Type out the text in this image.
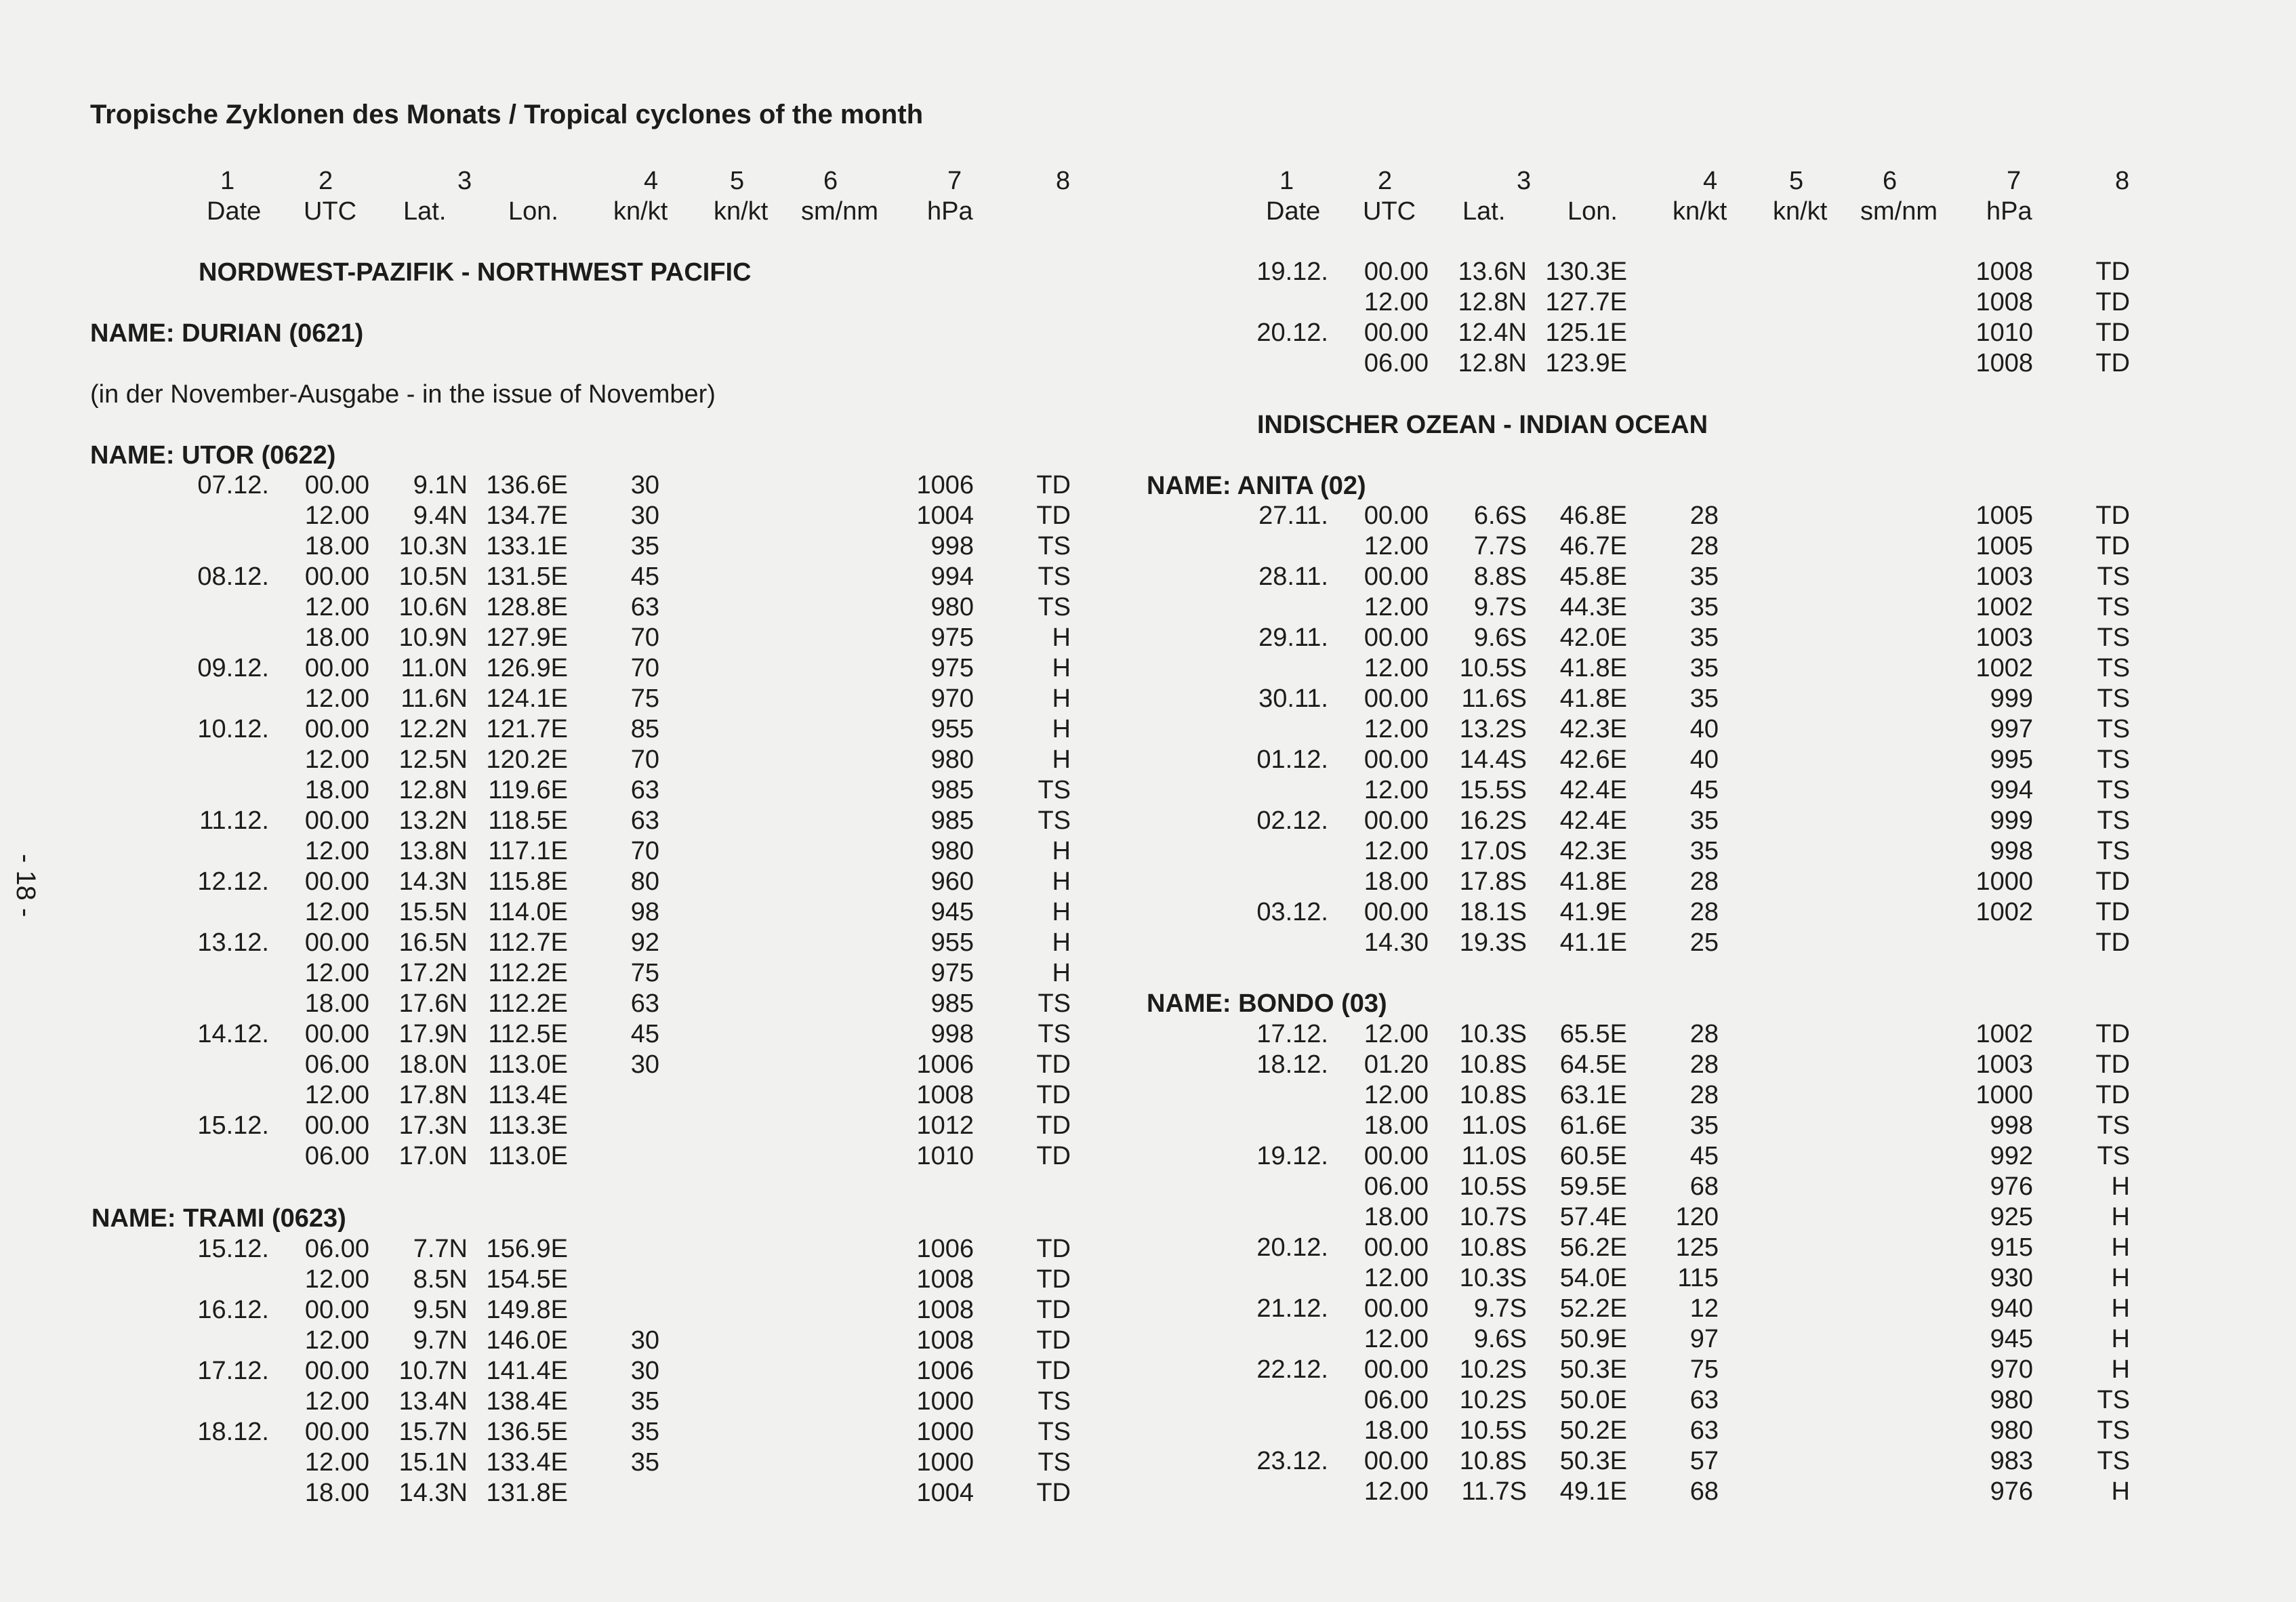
Tropische Zyklonen des Monats / Tropical cyclones of the month
- 18 -
1	2	3	4	5	6	7	8
Date UTC Lat. Lon. kn/kt kn/kt sm/nm hPa
1	2	3	4	5	6	7	8
Date UTC Lat. Lon. kn/kt kn/kt sm/nm hPa
NORDWEST-PAZIFIK - NORTHWEST PACIFIC
NAME: DURIAN (0621)
(in der November-Ausgabe - in the issue of November)
NAME: UTOR (0622)
NAME: TRAMI (0623)
INDISCHER OZEAN - INDIAN OCEAN
NAME: ANITA (02)
NAME: BONDO (03)
07.12. 00.00 9.1N 136.6E 30	1006 TD
12.00 9.4N 134.7E 30	1004 TD
18.00 10.3N 133.1E 35	998 TS
08.12. 00.00 10.5N 131.5E 45	994 TS
12.00 10.6N 128.8E 63	980 TS
18.00 10.9N 127.9E 70	975	H
09.12. 00.00 11.0N 126.9E 70	975	H
12.00 11.6N 124.1E 75	970	H
10.12. 00.00 12.2N 121.7E 85	955	H
12.00 12.5N 120.2E 70	980	H
18.00 12.8N 119.6E 63	985 TS
11.12. 00.00 13.2N 118.5E 63	985 TS
12.00 13.8N 117.1E 70	980	H
12.12. 00.00 14.3N 115.8E 80	960	H
12.00 15.5N 114.0E 98	945	H
13.12. 00.00 16.5N 112.7E 92	955	H
12.00 17.2N 112.2E 75	975	H
18.00 17.6N 112.2E 63	985 TS
14.12. 00.00 17.9N 112.5E 45	998 TS
06.00 18.0N 113.0E 30	1006 TD
12.00 17.8N 113.4E	1008 TD
15.12. 00.00 17.3N 113.3E	1012 TD
06.00 17.0N 113.0E	1010 TD
15.12. 06.00 7.7N 156.9E	1006 TD
12.00 8.5N 154.5E	1008 TD
16.12. 00.00 9.5N 149.8E	1008 TD
12.00 9.7N 146.0E 30	1008 TD
17.12. 00.00 10.7N 141.4E 30	1006 TD
12.00 13.4N 138.4E 35	1000 TS
18.12. 00.00 15.7N 136.5E 35	1000 TS
12.00 15.1N 133.4E 35	1000 TS
18.00 14.3N 131.8E	1004 TD
19.12. 00.00 13.6N 130.3E	1008 TD
12.00 12.8N 127.7E	1008 TD
20.12. 00.00 12.4N 125.1E	1010 TD
06.00 12.8N 123.9E	1008 TD
27.11. 00.00 6.6S 46.8E 28	1005 TD
12.00 7.7S 46.7E 28	1005 TD
28.11. 00.00 8.8S 45.8E 35	1003 TS
12.00 9.7S 44.3E 35	1002 TS
29.11. 00.00 9.6S 42.0E 35	1003 TS
12.00 10.5S 41.8E 35	1002 TS
30.11. 00.00 11.6S 41.8E 35	999 TS
12.00 13.2S 42.3E 40	997 TS
01.12. 00.00 14.4S 42.6E 40	995 TS
12.00 15.5S 42.4E 45	994 TS
02.12. 00.00 16.2S 42.4E 35	999 TS
12.00 17.0S 42.3E 35	998 TS
18.00 17.8S 41.8E 28	1000 TD
03.12. 00.00 18.1S 41.9E 28	1002 TD
14.30 19.3S 41.1E 25	TD
17.12. 12.00 10.3S 65.5E 28	1002 TD
18.12. 01.20 10.8S 64.5E 28	1003 TD
12.00 10.8S 63.1E 28	1000 TD
18.00 11.0S 61.6E 35	998 TS
19.12. 00.00 11.0S 60.5E 45	992 TS
06.00 10.5S 59.5E 68	976	H
18.00 10.7S 57.4E 120	925	H
20.12. 00.00 10.8S 56.2E 125	915	H
12.00 10.3S 54.0E 115	930	H
21.12. 00.00 9.7S 52.2E 12	940	H
12.00 9.6S 50.9E 97	945	H
22.12. 00.00 10.2S 50.3E 75	970	H
06.00 10.2S 50.0E 63	980 TS
18.00 10.5S 50.2E 63	980 TS
23.12. 00.00 10.8S 50.3E 57	983 TS
12.00 11.7S 49.1E 68	976	H
